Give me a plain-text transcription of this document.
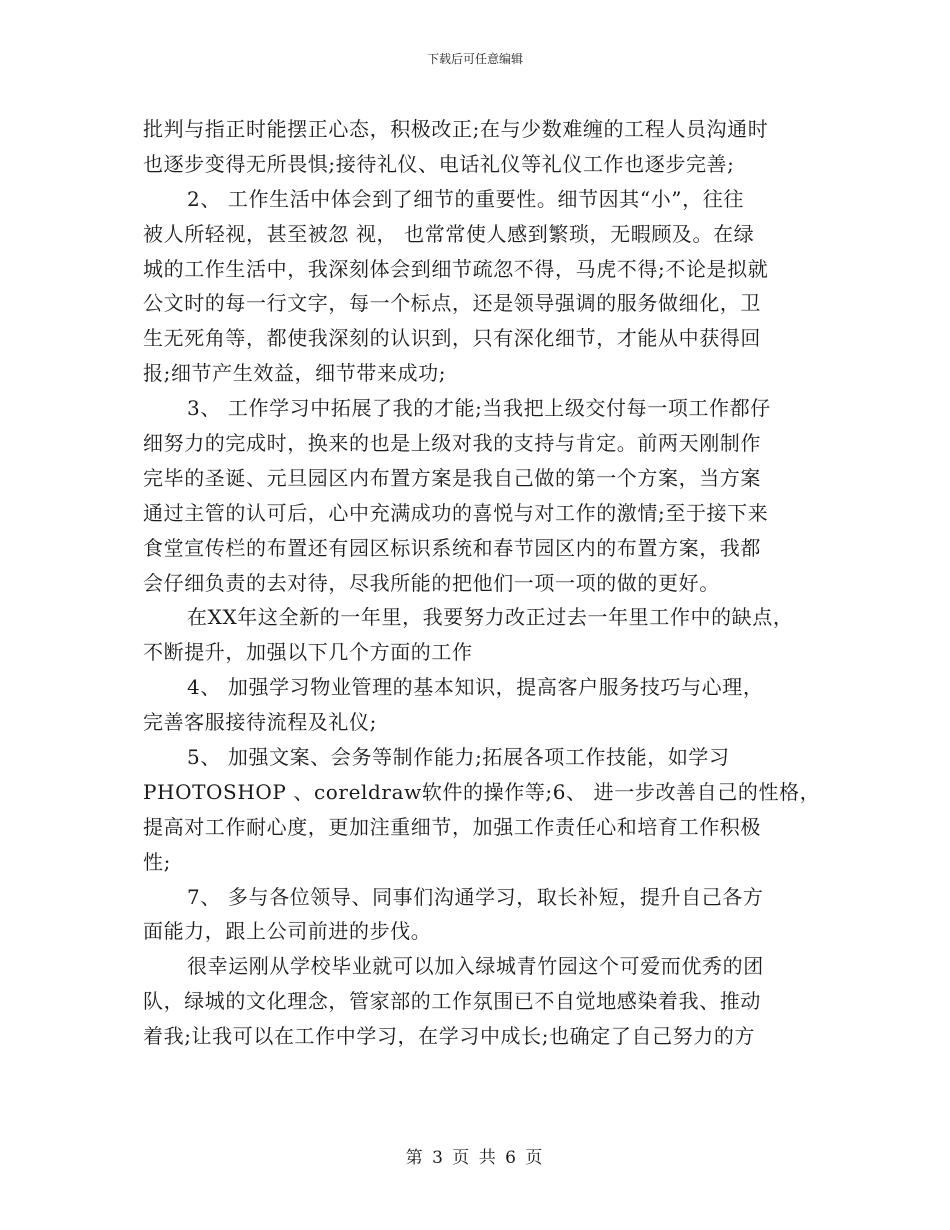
下载后可任意编辑
批判与指正时能摆正心态，积极改正;在与少数难缠的工程人员沟通时
也逐步变得无所畏惧;接待礼仪、电话礼仪等礼仪工作也逐步完善;
2、 工作生活中体会到了细节的重要性。细节因其“小”，往往
被人所轻视，甚至被忽 视， 也常常使人感到繁琐，无暇顾及。在绿
城的工作生活中，我深刻体会到细节疏忽不得，马虎不得;不论是拟就
公文时的每一行文字，每一个标点，还是领导强调的服务做细化，卫
生无死角等，都使我深刻的认识到，只有深化细节，才能从中获得回
报;细节产生效益，细节带来成功;
3、 工作学习中拓展了我的才能;当我把上级交付每一项工作都仔
细努力的完成时，换来的也是上级对我的支持与肯定。前两天刚制作
完毕的圣诞、元旦园区内布置方案是我自己做的第一个方案，当方案
通过主管的认可后，心中充满成功的喜悦与对工作的激情;至于接下来
食堂宣传栏的布置还有园区标识系统和春节园区内的布置方案，我都
会仔细负责的去对待，尽我所能的把他们一项一项的做的更好。
在XX年这全新的一年里，我要努力改正过去一年里工作中的缺点，
不断提升，加强以下几个方面的工作
4、 加强学习物业管理的基本知识，提高客户服务技巧与心理，
完善客服接待流程及礼仪;
5、 加强文案、会务等制作能力;拓展各项工作技能，如学习
PHOTOSHOP 、coreldraw软件的操作等;6、 进一步改善自己的性格，
提高对工作耐心度，更加注重细节，加强工作责任心和培育工作积极
性;
7、 多与各位领导、同事们沟通学习，取长补短，提升自己各方
面能力，跟上公司前进的步伐。
很幸运刚从学校毕业就可以加入绿城青竹园这个可爱而优秀的团
队，绿城的文化理念，管家部的工作氛围已不自觉地感染着我、推动
着我;让我可以在工作中学习，在学习中成长;也确定了自己努力的方
第 3 页 共 6 页
